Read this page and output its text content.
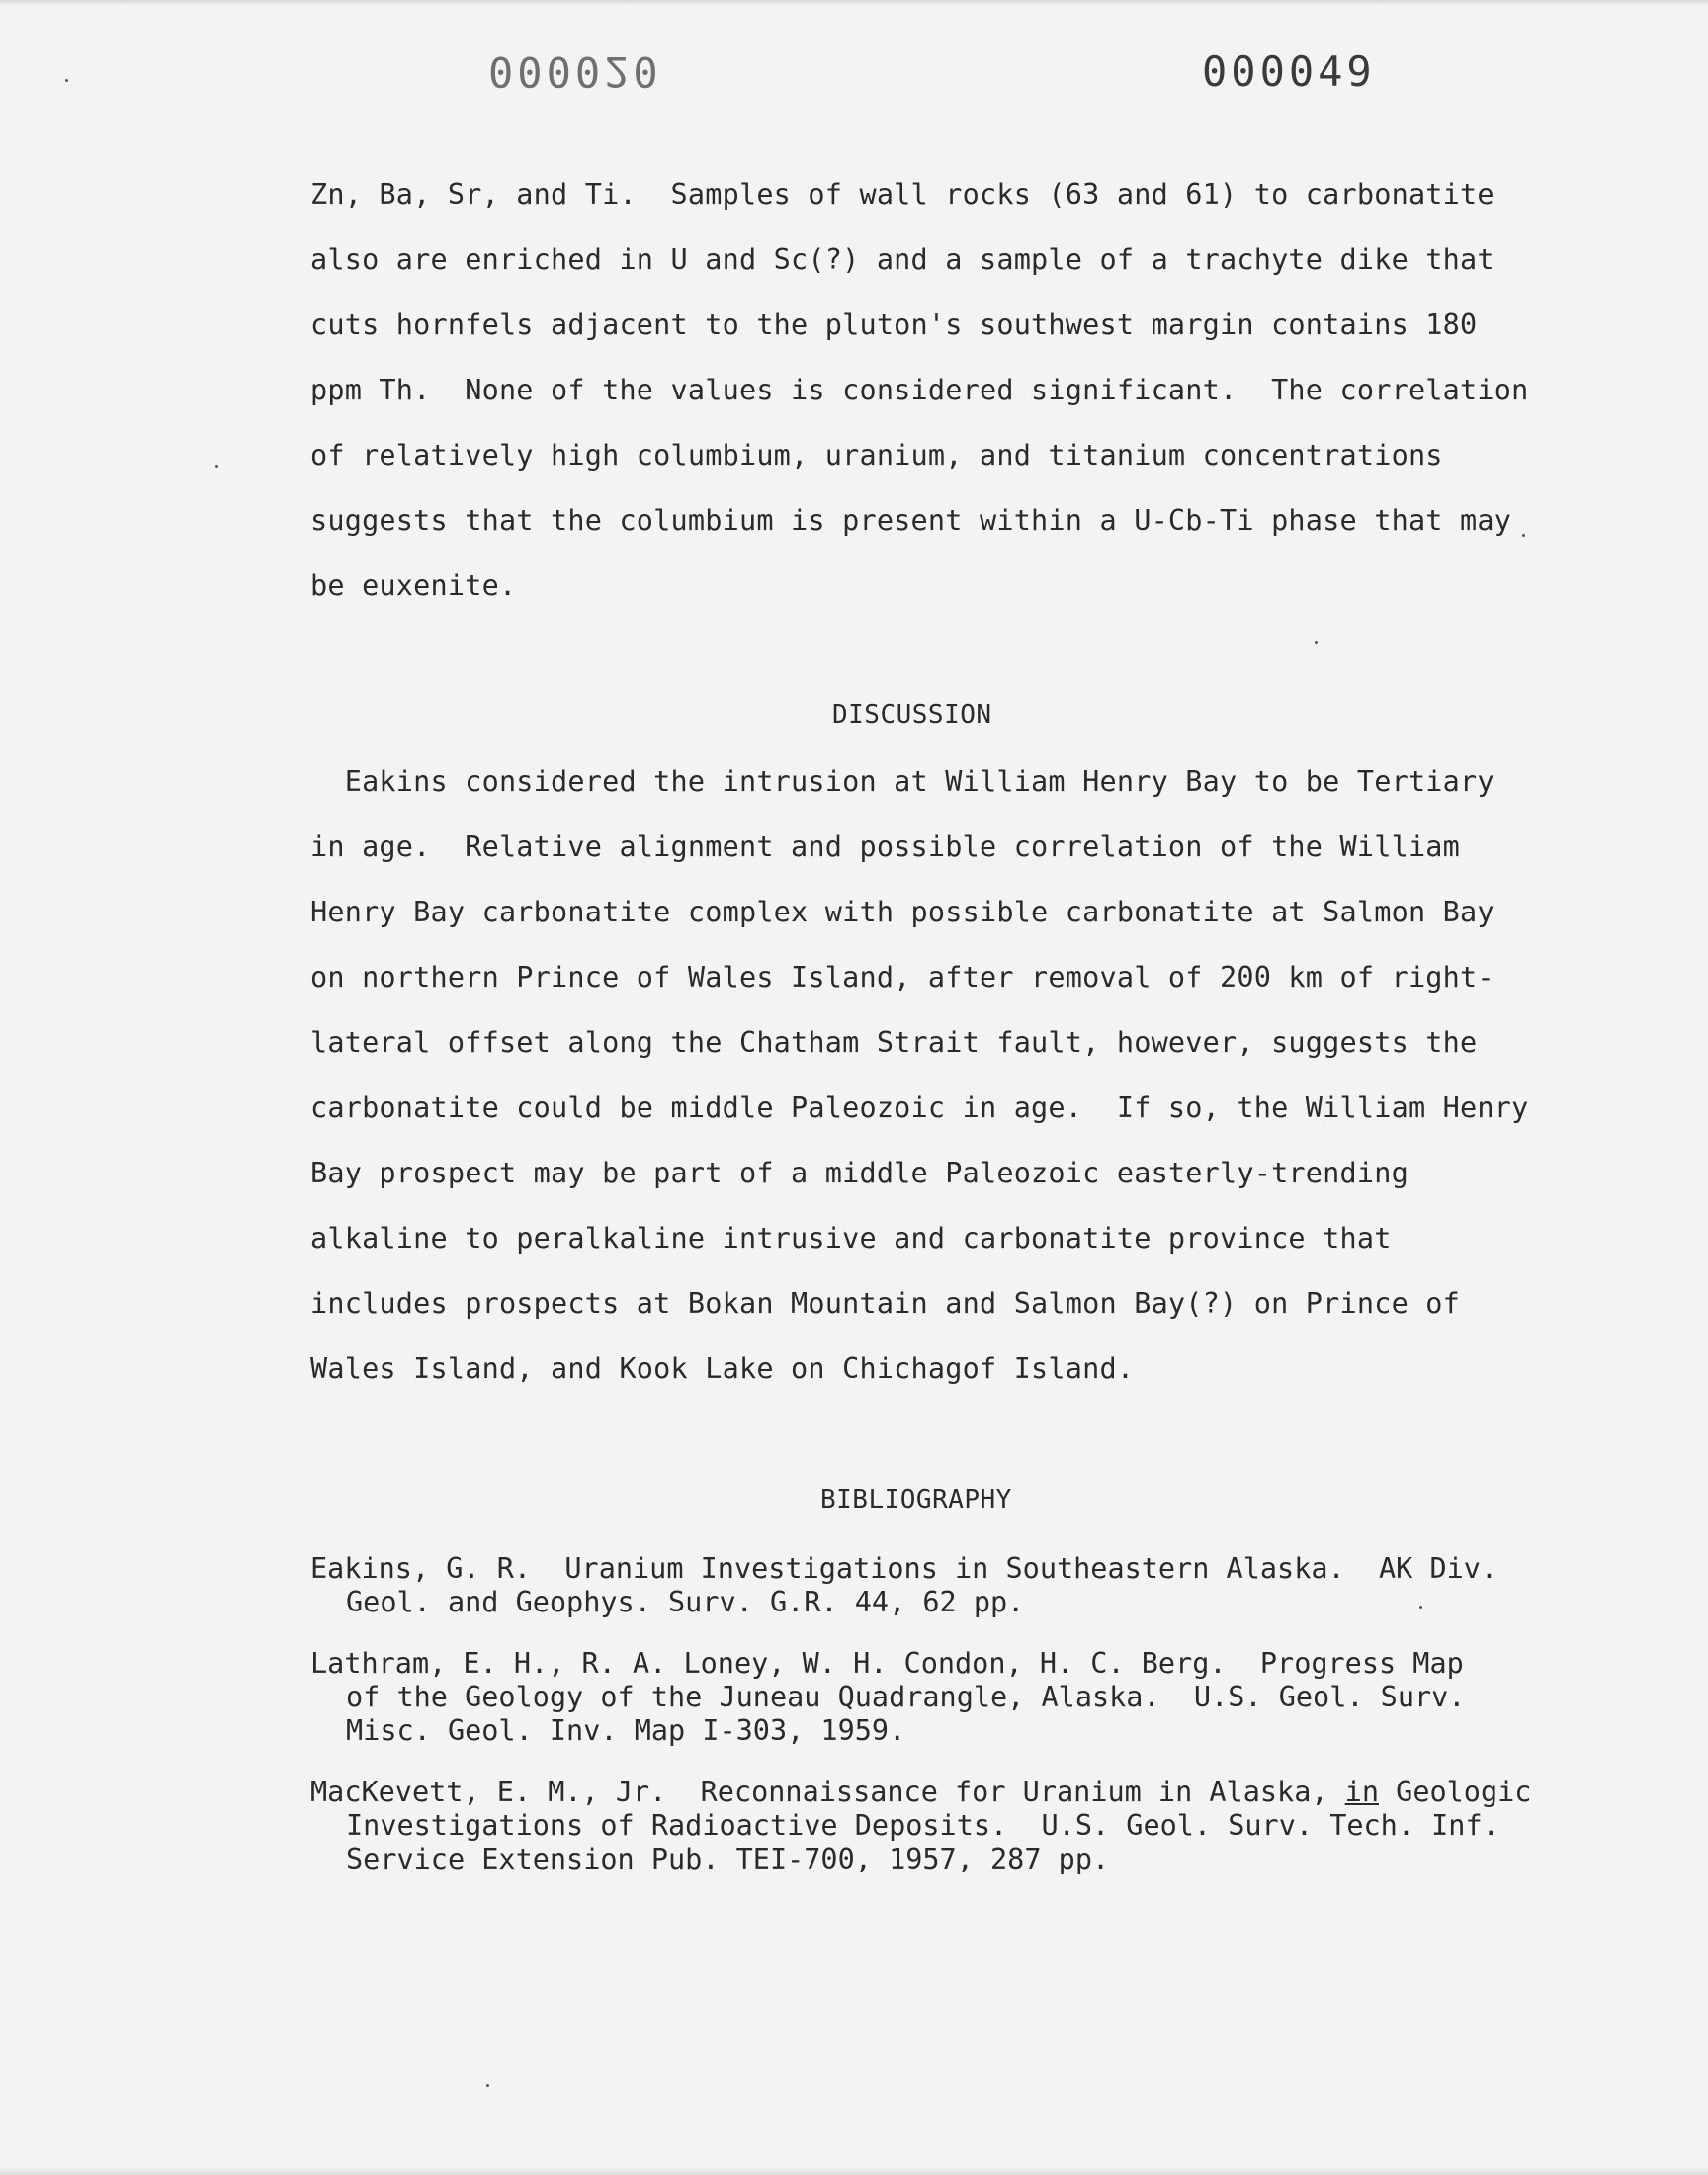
000020	000049
Zn, Ba, Sr, and Ti.  Samples of wall rocks (63 and 61) to carbonatite
also are enriched in U and Sc(?) and a sample of a trachyte dike that
cuts hornfels adjacent to the pluton's southwest margin contains 180
ppm Th.  None of the values is considered significant.  The correlation
of relatively high columbium, uranium, and titanium concentrations
suggests that the columbium is present within a U-Cb-Ti phase that may
be euxenite.
DISCUSSION
Eakins considered the intrusion at William Henry Bay to be Tertiary
in age.  Relative alignment and possible correlation of the William
Henry Bay carbonatite complex with possible carbonatite at Salmon Bay
on northern Prince of Wales Island, after removal of 200 km of right-
lateral offset along the Chatham Strait fault, however, suggests the
carbonatite could be middle Paleozoic in age.  If so, the William Henry
Bay prospect may be part of a middle Paleozoic easterly-trending
alkaline to peralkaline intrusive and carbonatite province that
includes prospects at Bokan Mountain and Salmon Bay(?) on Prince of
Wales Island, and Kook Lake on Chichagof Island.
BIBLIOGRAPHY
Eakins, G. R.  Uranium Investigations in Southeastern Alaska.  AK Div.
Geol. and Geophys. Surv. G.R. 44, 62 pp.
Lathram, E. H., R. A. Loney, W. H. Condon, H. C. Berg.  Progress Map
of the Geology of the Juneau Quadrangle, Alaska.  U.S. Geol. Surv.
Misc. Geol. Inv. Map I-303, 1959.
MacKevett, E. M., Jr.  Reconnaissance for Uranium in Alaska, in Geologic
Investigations of Radioactive Deposits.  U.S. Geol. Surv. Tech. Inf.
Service Extension Pub. TEI-700, 1957, 287 pp.
